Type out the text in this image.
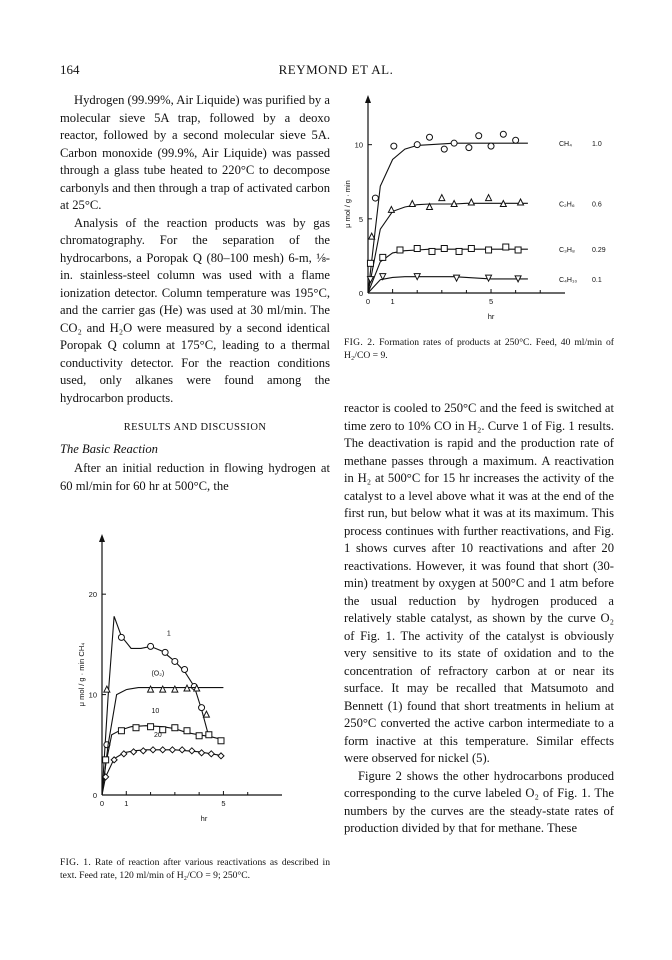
164	REYMOND ET AL.

Hydrogen (99.99%, Air Liquide) was purified by a molecular sieve 5A trap, followed by a deoxo reactor, followed by a second molecular sieve 5A. Carbon monoxide (99.9%, Air Liquide) was passed through a glass tube heated to 220°C to decompose carbonyls and then through a trap of activated carbon at 25°C.

Analysis of the reaction products was by gas chromatography. For the separation of the hydrocarbons, a Poropak Q (80–100 mesh) 6-m, ⅛-in. stainless-steel column was used with a flame ionization detector. Column temperature was 195°C, and the carrier gas (He) was used at 30 ml/min. The CO₂ and H₂O were measured by a second identical Poropak Q column at 175°C, leading to a thermal conductivity detector. For the reaction conditions used, only alkanes were found among the hydrocarbon products.

RESULTS AND DISCUSSION
The Basic Reaction

After an initial reduction in flowing hydrogen at 60 ml/min for 60 hr at 500°C, the

0	1	5
0
5
10
hr
μ mol / g · min
CH₄	1.0
C₂H₆ 0.6
C₃H₈ 0.29
C₄H₁₀ 0.1
FIG. 2. Formation rates of products at 250°C. Feed, 40 ml/min of H₂/CO = 9.
0	1	5
0
10
20
hr
μ mol / g · min CH₄
1
(O₂)
10
20
FIG. 1. Rate of reaction after various reactivations as described in text. Feed rate, 120 ml/min of H₂/CO = 9; 250°C.

reactor is cooled to 250°C and the feed is switched at time zero to 10% CO in H₂. Curve 1 of Fig. 1 results. The deactivation is rapid and the production rate of methane passes through a maximum. A reactivation in H₂ at 500°C for 15 hr increases the activity of the catalyst to a level above what it was at the end of the first run, but below what it was at its maximum. This process continues with further reactivations, and Fig. 1 shows curves after 10 reactivations and after 20 reactivations. However, it was found that short (30-min) treatment by oxygen at 500°C and 1 atm before the usual reduction by hydrogen produced a relatively stable catalyst, as shown by the curve O₂ of Fig. 1. The activity of the catalyst is obviously very sensitive to its state of oxidation and to the concentration of refractory carbon at or near its surface. It may be recalled that Matsumoto and Bennett (1) found that short treatments in helium at 250°C converted the active carbon intermediate to a form inactive at this temperature. Similar effects were observed for nickel (5).

Figure 2 shows the other hydrocarbons produced corresponding to the curve labeled O₂ of Fig. 1. The numbers by the curves are the steady-state rates of production divided by that for methane. These
